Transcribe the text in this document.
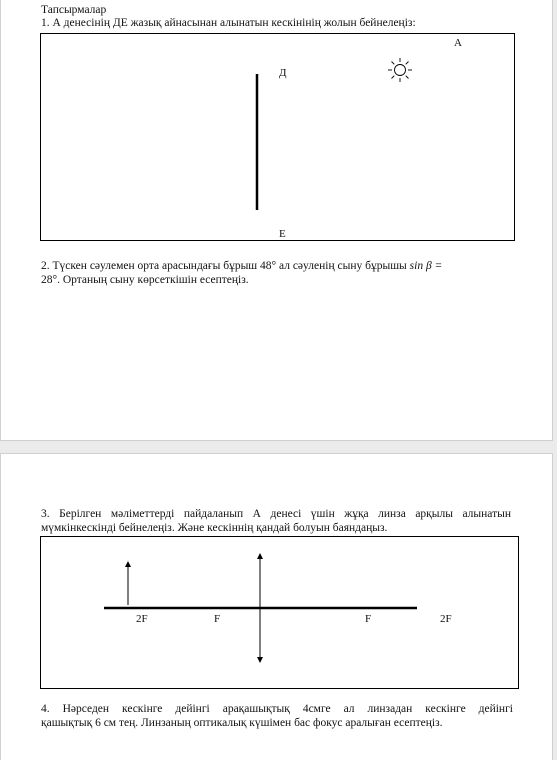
Тапсырмалар
1. А денесінің ДЕ жазық айнасынан алынатын кескінінің жолын бейнелеңіз:
А
Д
Е
2. Түскен сәулемен орта арасындағы бұрыш 48° ал сәуленің сыну бұрышы sin β =
28°. Ортаның сыну көрсеткішін есептеңіз.
3. Берілген мәліметтерді пайдаланып А денесі үшін жұқа линза арқылы алынатын
мүмкінкескінді бейнелеңіз. Және кескіннің қандай болуын баяндаңыз.
2F	F	F	2F
4. Нәрседен кескінге дейінгі арақашықтық 4смге ал линзадан кескінге дейінгі
қашықтық 6 см тең. Линзаның оптикалық күшімен бас фокус аралыған есептеңіз.
